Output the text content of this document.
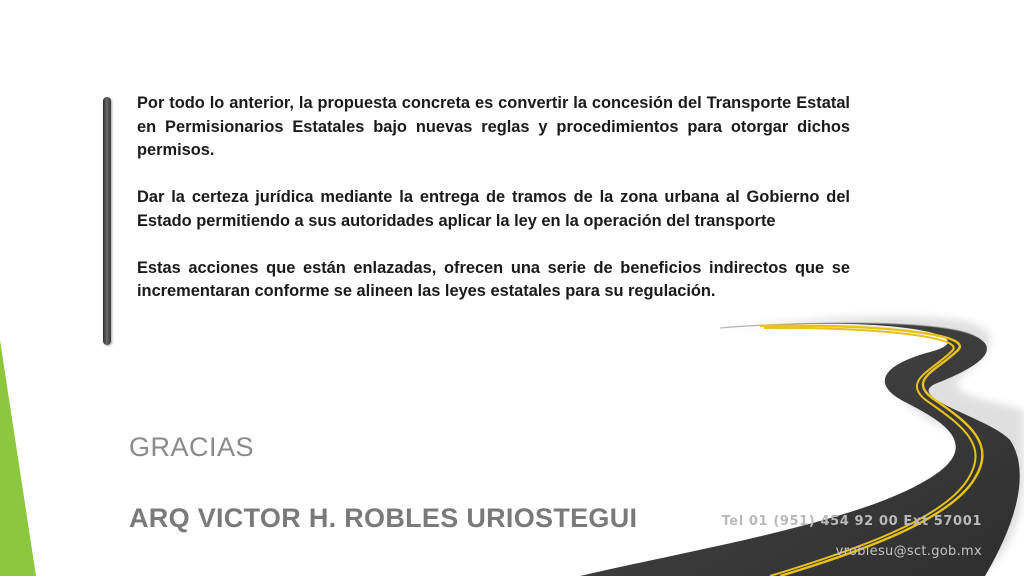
Por todo lo anterior, la propuesta concreta es convertir la concesión del Transporte Estatal en Permisionarios Estatales bajo nuevas reglas y procedimientos para otorgar dichos permisos.

Dar la certeza jurídica mediante la entrega de tramos de la zona urbana al Gobierno del Estado permitiendo a sus autoridades aplicar la ley en la operación del transporte

Estas acciones que están enlazadas, ofrecen una serie de beneficios indirectos que se incrementaran conforme se alineen las leyes estatales para su regulación.

GRACIAS
ARQ VICTOR H. ROBLES URIOSTEGUI	Tel 01 (951) 454 92 00 Ext 57001
vroblesu@sct.gob.mx
